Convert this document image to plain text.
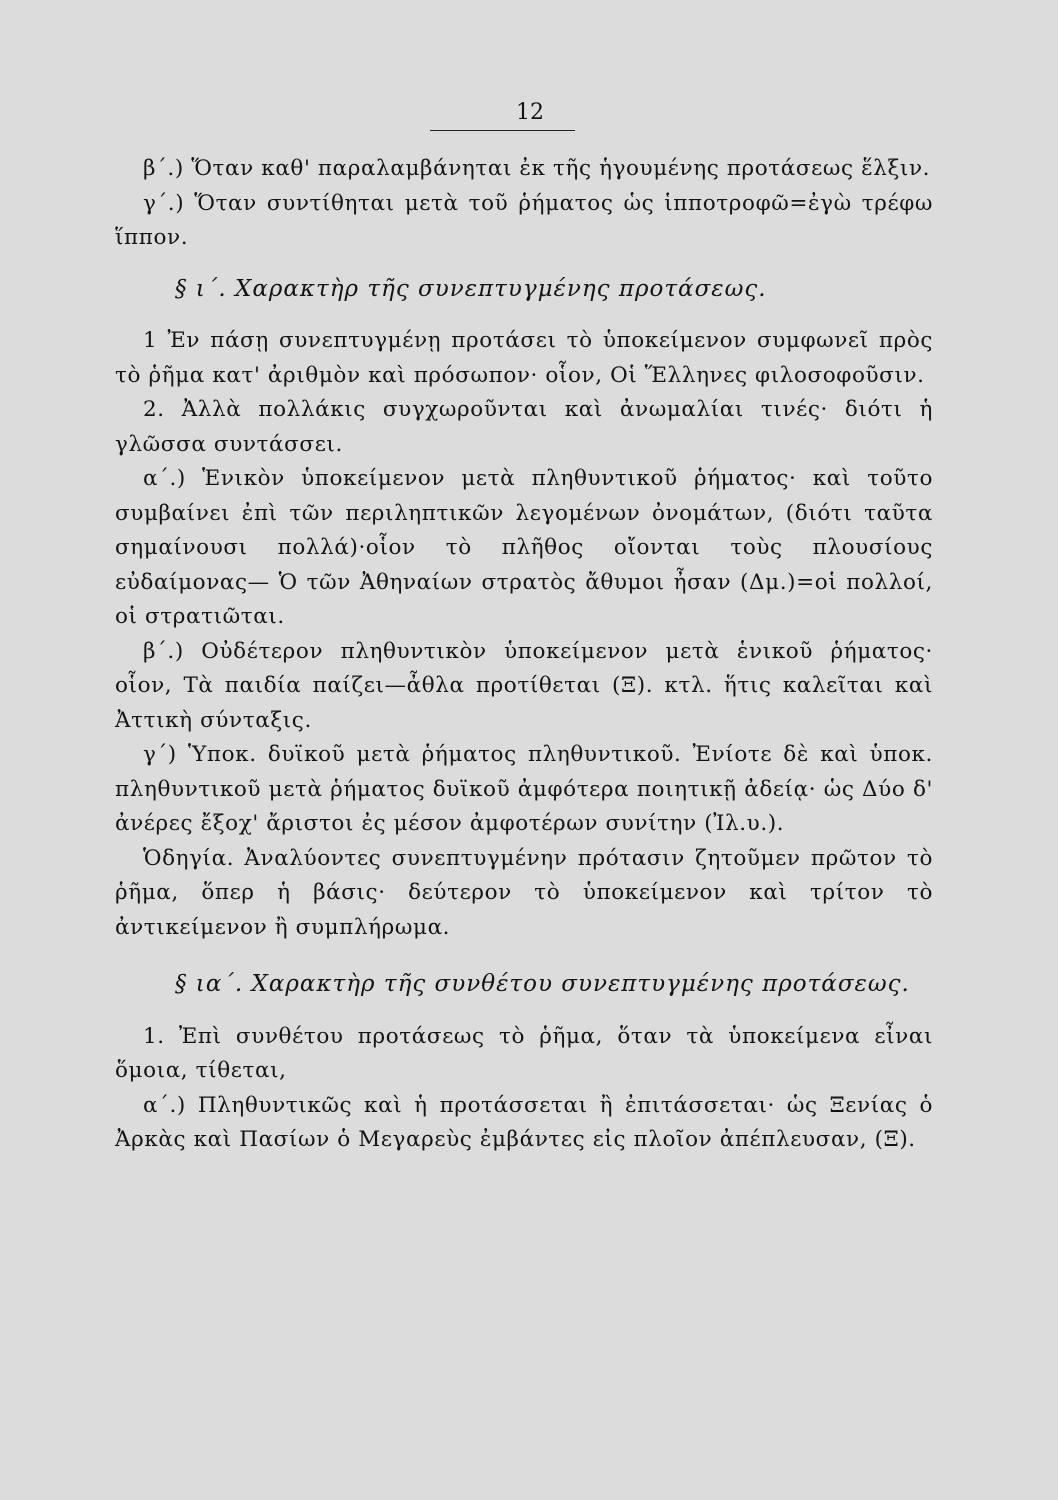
12

β΄.) Ὅταν καθ' παραλαμβάνηται ἐκ τῆς ἡγουμένης προτάσεως ἕλξιν.

γ΄.) Ὅταν συντίθηται μετὰ τοῦ ῥήματος ὡς ἱπποτροφῶ=ἐγὼ τρέφω ἵππον.

§ ι΄. Χαρακτὴρ τῆς συνεπτυγμένης προτάσεως.

1 Ἐν πάσῃ συνεπτυγμένῃ προτάσει τὸ ὑποκείμενον συμφωνεῖ πρὸς τὸ ῥῆμα κατ' ἀριθμὸν καὶ πρόσωπον· οἷον, Οἱ Ἕλληνες φιλοσοφοῦσιν.

2. Ἀλλὰ πολλάκις συγχωροῦνται καὶ ἀνωμαλίαι τινές· διότι ἡ γλῶσσα συντάσσει.

α΄.) Ἑνικὸν ὑποκείμενον μετὰ πληθυντικοῦ ῥήματος· καὶ τοῦτο συμβαίνει ἐπὶ τῶν περιληπτικῶν λεγομένων ὀνομάτων, (διότι ταῦτα σημαίνουσι πολλά)·οἷον τὸ πλῆθος οἴονται τοὺς πλουσίους εὐδαίμονας— Ὁ τῶν Ἀθηναίων στρατὸς ἄθυμοι ἦσαν (Δμ.)=οἱ πολλοί, οἱ στρατιῶται.

β΄.) Οὐδέτερον πληθυντικὸν ὑποκείμενον μετὰ ἑνικοῦ ῥήματος· οἷον, Τὰ παιδία παίζει—ἆθλα προτίθεται (Ξ). κτλ. ἥτις καλεῖται καὶ Ἀττικὴ σύνταξις.

γ΄) Ὑποκ. δυϊκοῦ μετὰ ῥήματος πληθυντικοῦ. Ἐνίοτε δὲ καὶ ὑποκ. πληθυντικοῦ μετὰ ῥήματος δυϊκοῦ ἀμφότερα ποιητικῇ ἀδείᾳ· ὡς Δύο δ' ἀνέρες ἔξοχ' ἄριστοι ἐς μέσον ἀμφοτέρων συνίτην (Ἰλ.υ.).

Ὁδηγία. Ἀναλύοντες συνεπτυγμένην πρότασιν ζητοῦμεν πρῶτον τὸ ῥῆμα, ὅπερ ἡ βάσις· δεύτερον τὸ ὑποκείμενον καὶ τρίτον τὸ ἀντικείμενον ἢ συμπλήρωμα.

§ ια΄. Χαρακτὴρ τῆς συνθέτου συνεπτυγμένης προτάσεως.

1. Ἐπὶ συνθέτου προτάσεως τὸ ῥῆμα, ὅταν τὰ ὑποκείμενα εἶναι ὅμοια, τίθεται,

α΄.) Πληθυντικῶς καὶ ἡ προτάσσεται ἢ ἐπιτάσσεται· ὡς Ξενίας ὁ Ἀρκὰς καὶ Πασίων ὁ Μεγαρεὺς ἐμβάντες εἰς πλοῖον ἀπέπλευσαν, (Ξ).
